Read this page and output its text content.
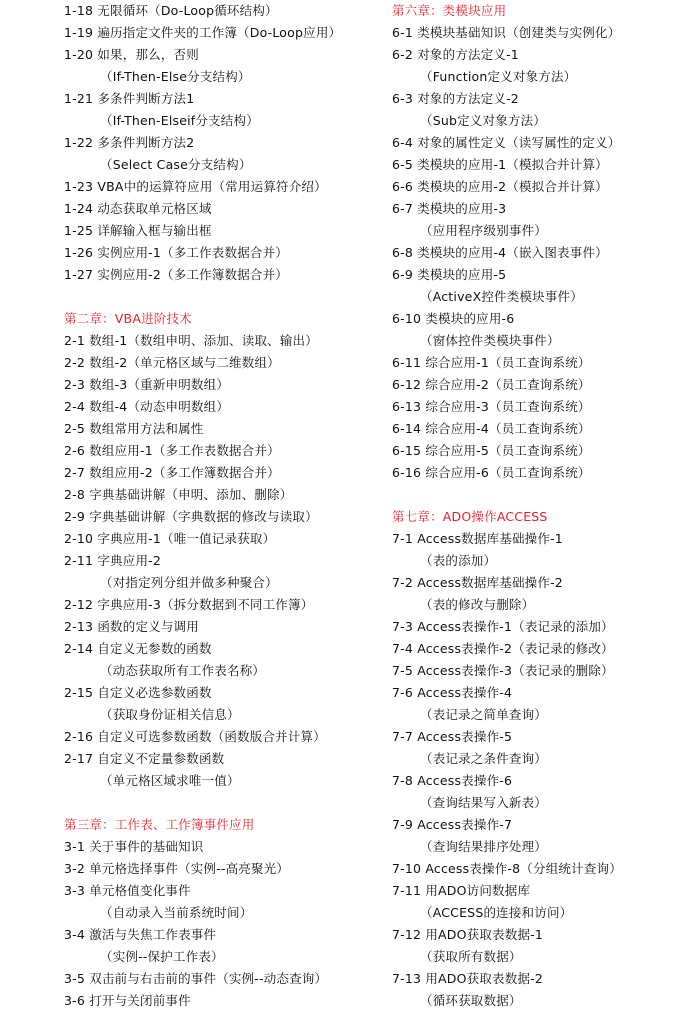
1-18 无限循环（Do-Loop循环结构）
1-19 遍历指定文件夹的工作簿（Do-Loop应用）
1-20 如果，那么，否则
（If-Then-Else分支结构）
1-21 多条件判断方法1
（If-Then-Elseif分支结构）
1-22 多条件判断方法2
（Select Case分支结构）
1-23 VBA中的运算符应用（常用运算符介绍）
1-24 动态获取单元格区域
1-25 详解输入框与输出框
1-26 实例应用-1（多工作表数据合并）
1-27 实例应用-2（多工作簿数据合并）
第二章：VBA进阶技术
2-1 数组-1（数组申明、添加、读取、输出）
2-2 数组-2（单元格区域与二维数组）
2-3 数组-3（重新申明数组）
2-4 数组-4（动态申明数组）
2-5 数组常用方法和属性
2-6 数组应用-1（多工作表数据合并）
2-7 数组应用-2（多工作簿数据合并）
2-8 字典基础讲解（申明、添加、删除）
2-9 字典基础讲解（字典数据的修改与读取）
2-10 字典应用-1（唯一值记录获取）
2-11 字典应用-2
（对指定列分组并做多种聚合）
2-12 字典应用-3（拆分数据到不同工作簿）
2-13 函数的定义与调用
2-14 自定义无参数的函数
（动态获取所有工作表名称）
2-15 自定义必选参数函数
（获取身份证相关信息）
2-16 自定义可选参数函数（函数版合并计算）
2-17 自定义不定量参数函数
（单元格区域求唯一值）
第三章：工作表、工作簿事件应用
3-1 关于事件的基础知识
3-2 单元格选择事件（实例--高亮聚光）
3-3 单元格值变化事件
（自动录入当前系统时间）
3-4 激活与失焦工作表事件
（实例--保护工作表）
3-5 双击前与右击前的事件（实例--动态查询）
3-6 打开与关闭前事件
第六章：类模块应用
6-1 类模块基础知识（创建类与实例化）
6-2 对象的方法定义-1
（Function定义对象方法）
6-3 对象的方法定义-2
（Sub定义对象方法）
6-4 对象的属性定义（读写属性的定义）
6-5 类模块的应用-1（模拟合并计算）
6-6 类模块的应用-2（模拟合并计算）
6-7 类模块的应用-3
（应用程序级别事件）
6-8 类模块的应用-4（嵌入图表事件）
6-9 类模块的应用-5
（ActiveX控件类模块事件）
6-10 类模块的应用-6
（窗体控件类模块事件）
6-11 综合应用-1（员工查询系统）
6-12 综合应用-2（员工查询系统）
6-13 综合应用-3（员工查询系统）
6-14 综合应用-4（员工查询系统）
6-15 综合应用-5（员工查询系统）
6-16 综合应用-6（员工查询系统）
第七章：ADO操作ACCESS
7-1 Access数据库基础操作-1
（表的添加）
7-2 Access数据库基础操作-2
（表的修改与删除）
7-3 Access表操作-1（表记录的添加）
7-4 Access表操作-2（表记录的修改）
7-5 Access表操作-3（表记录的删除）
7-6 Access表操作-4
（表记录之简单查询）
7-7 Access表操作-5
（表记录之条件查询）
7-8 Access表操作-6
（查询结果写入新表）
7-9 Access表操作-7
（查询结果排序处理）
7-10 Access表操作-8（分组统计查询）
7-11 用ADO访问数据库
（ACCESS的连接和访问）
7-12 用ADO获取表数据-1
（获取所有数据）
7-13 用ADO获取表数据-2
（循环获取数据）
